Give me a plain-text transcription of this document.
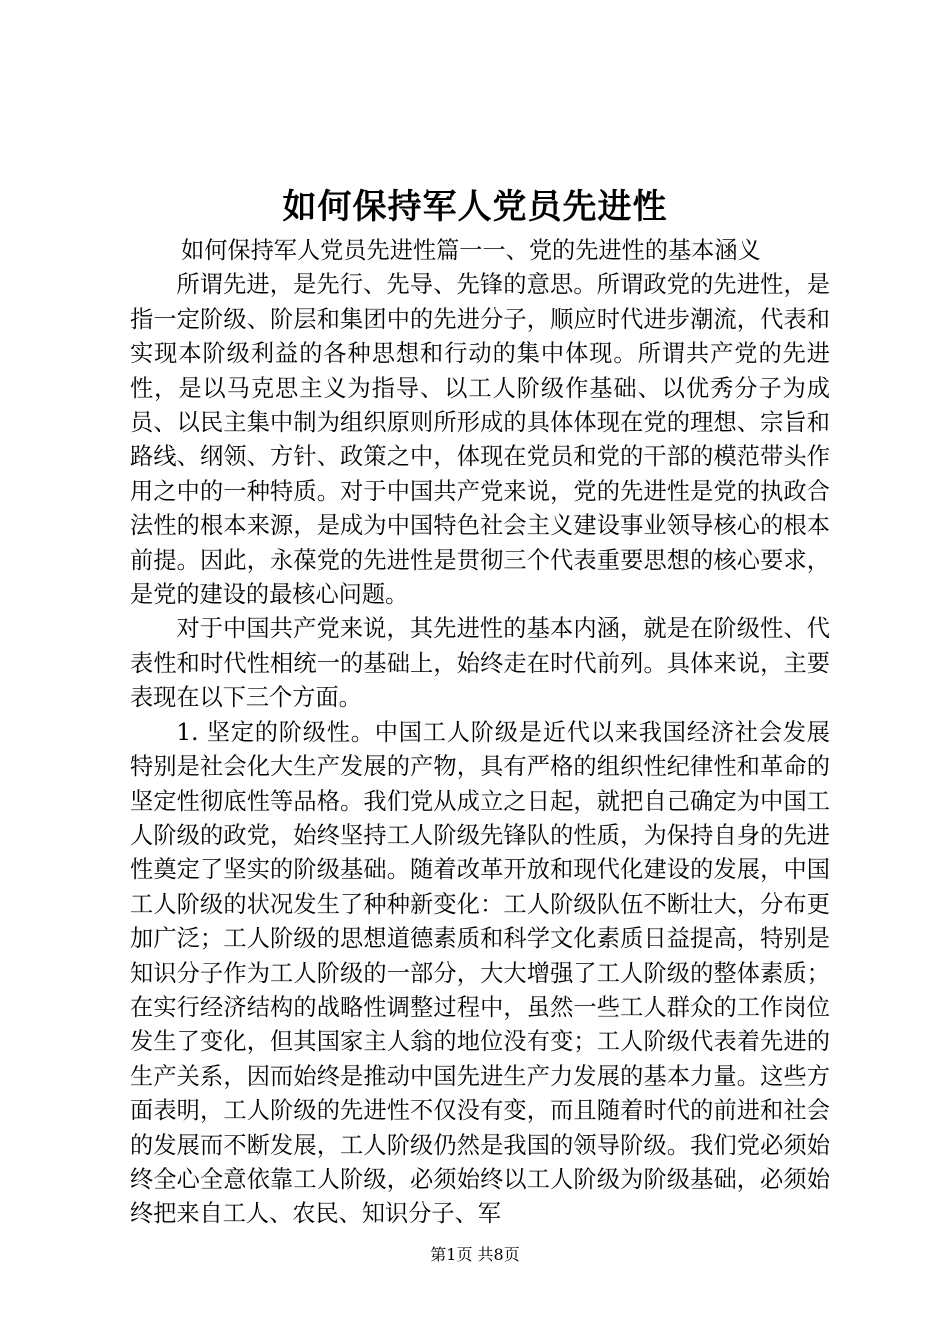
如何保持军人党员先进性

如何保持军人党员先进性篇一一、党的先进性的基本涵义

所谓先进，是先行、先导、先锋的意思。所谓政党的先进性，是指一定阶级、阶层和集团中的先进分子，顺应时代进步潮流，代表和实现本阶级利益的各种思想和行动的集中体现。所谓共产党的先进性，是以马克思主义为指导、以工人阶级作基础、以优秀分子为成员、以民主集中制为组织原则所形成的具体体现在党的理想、宗旨和路线、纲领、方针、政策之中，体现在党员和党的干部的模范带头作用之中的一种特质。对于中国共产党来说，党的先进性是党的执政合法性的根本来源，是成为中国特色社会主义建设事业领导核心的根本前提。因此，永葆党的先进性是贯彻三个代表重要思想的核心要求，是党的建设的最核心问题。

对于中国共产党来说，其先进性的基本内涵，就是在阶级性、代表性和时代性相统一的基础上，始终走在时代前列。具体来说，主要表现在以下三个方面。

1. 坚定的阶级性。中国工人阶级是近代以来我国经济社会发展特别是社会化大生产发展的产物，具有严格的组织性纪律性和革命的坚定性彻底性等品格。我们党从成立之日起，就把自己确定为中国工人阶级的政党，始终坚持工人阶级先锋队的性质，为保持自身的先进性奠定了坚实的阶级基础。随着改革开放和现代化建设的发展，中国工人阶级的状况发生了种种新变化：工人阶级队伍不断壮大，分布更加广泛；工人阶级的思想道德素质和科学文化素质日益提高，特别是知识分子作为工人阶级的一部分，大大增强了工人阶级的整体素质；在实行经济结构的战略性调整过程中，虽然一些工人群众的工作岗位发生了变化，但其国家主人翁的地位没有变；工人阶级代表着先进的生产关系，因而始终是推动中国先进生产力发展的基本力量。这些方面表明，工人阶级的先进性不仅没有变，而且随着时代的前进和社会的发展而不断发展，工人阶级仍然是我国的领导阶级。我们党必须始终全心全意依靠工人阶级，必须始终以工人阶级为阶级基础，必须始终把来自工人、农民、知识分子、军

第1页 共8页
